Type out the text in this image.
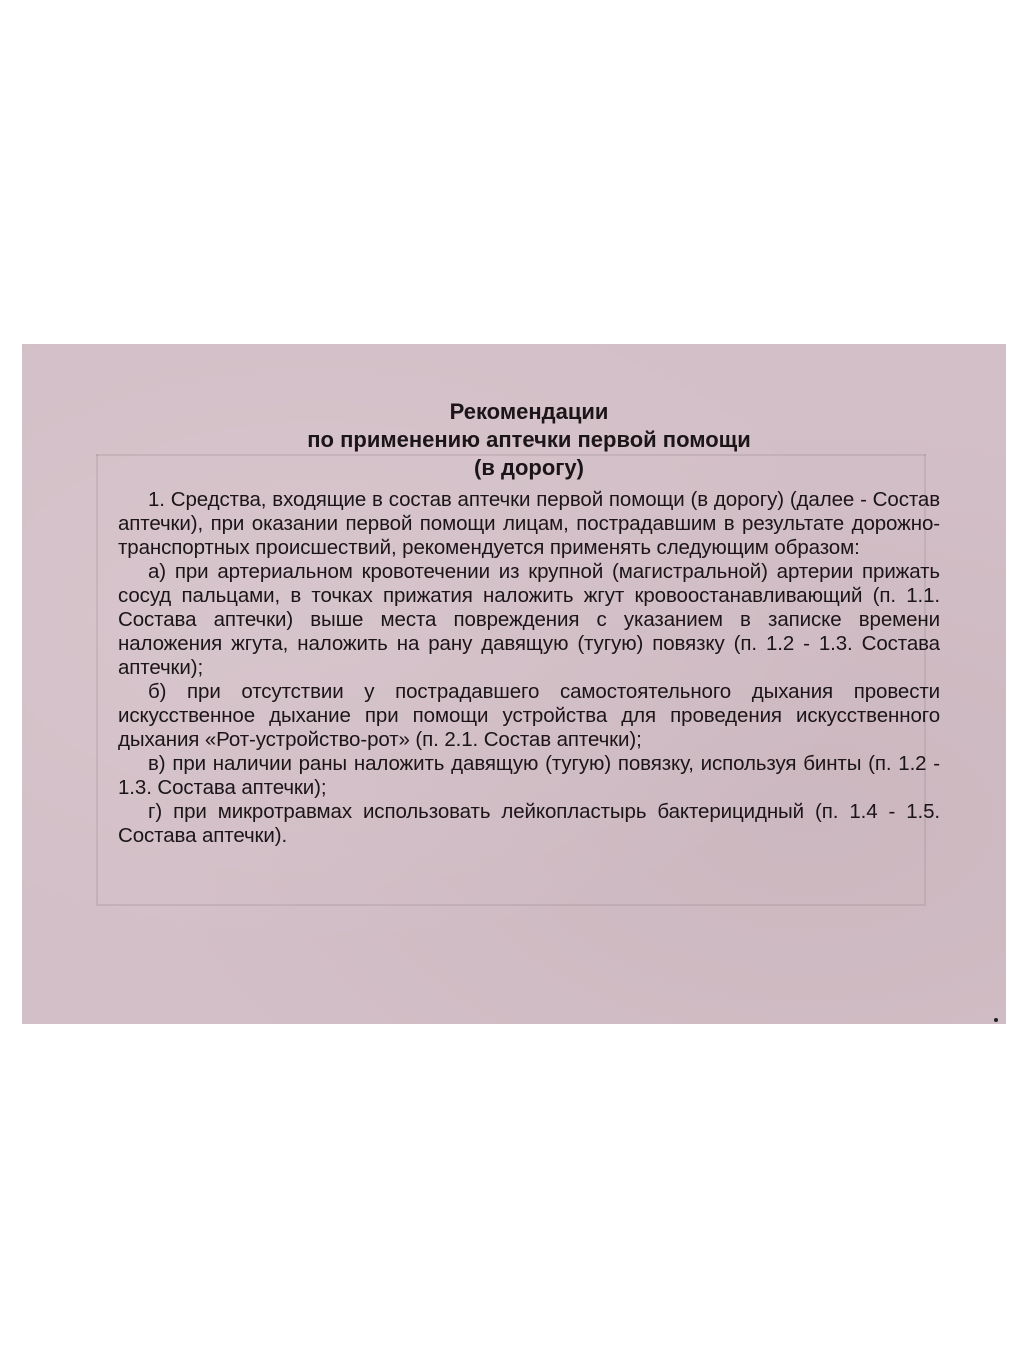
Рекомендации
по применению аптечки первой помощи
(в дорогу)

1. Средства, входящие в состав аптечки первой помощи (в дорогу) (далее - Состав аптечки), при оказании первой помощи лицам, пострадавшим в результате дорожно-транспортных происшествий, рекомендуется применять следующим образом:

а) при артериальном кровотечении из крупной (магистральной) артерии прижать сосуд пальцами, в точках прижатия наложить жгут кровоостанавливающий (п. 1.1. Состава аптечки) выше места повреждения с указанием в записке времени наложения жгута, наложить на рану давящую (тугую) повязку (п. 1.2 - 1.3. Состава аптечки);

б) при отсутствии у пострадавшего самостоятельного дыхания провести искусственное дыхание при помощи устройства для проведения искусственного дыхания «Рот-устройство-рот» (п. 2.1. Состав аптечки);

в) при наличии раны наложить давящую (тугую) повязку, используя бинты (п. 1.2 - 1.3. Состава аптечки);

г) при микротравмах использовать лейкопластырь бактерицидный (п. 1.4 - 1.5. Состава аптечки).
